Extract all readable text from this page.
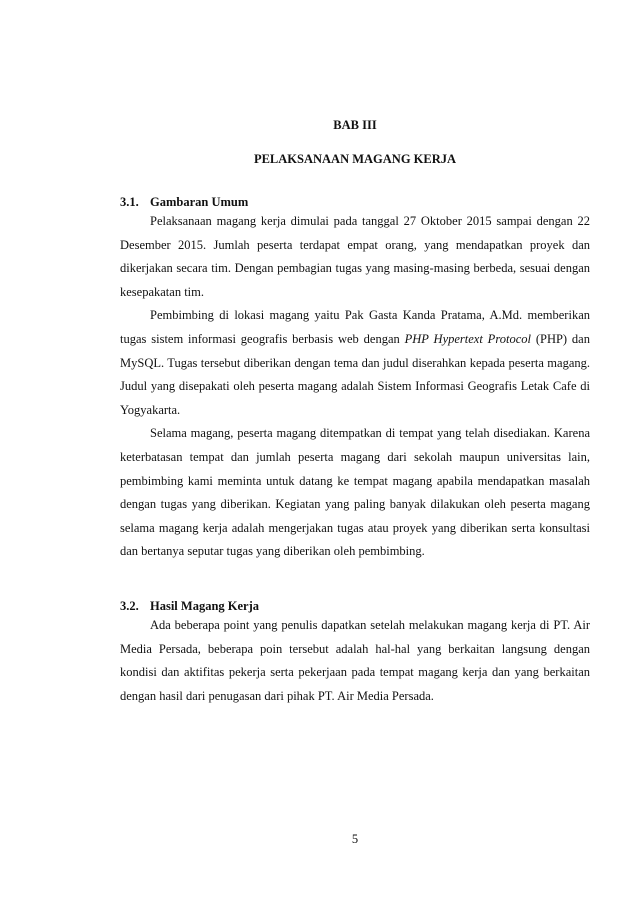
BAB III
PELAKSANAAN MAGANG KERJA
3.1. Gambaran Umum

Pelaksanaan magang kerja dimulai pada tanggal 27 Oktober 2015 sampai dengan 22 Desember 2015. Jumlah peserta terdapat empat orang, yang mendapatkan proyek dan dikerjakan secara tim. Dengan pembagian tugas yang masing-masing berbeda, sesuai dengan kesepakatan tim.

Pembimbing di lokasi magang yaitu Pak Gasta Kanda Pratama, A.Md. memberikan tugas sistem informasi geografis berbasis web dengan PHP Hypertext Protocol (PHP) dan MySQL. Tugas tersebut diberikan dengan tema dan judul diserahkan kepada peserta magang. Judul yang disepakati oleh peserta magang adalah Sistem Informasi Geografis Letak Cafe di Yogyakarta.

Selama magang, peserta magang ditempatkan di tempat yang telah disediakan. Karena keterbatasan tempat dan jumlah peserta magang dari sekolah maupun universitas lain, pembimbing kami meminta untuk datang ke tempat magang apabila mendapatkan masalah dengan tugas yang diberikan. Kegiatan yang paling banyak dilakukan oleh peserta magang selama magang kerja adalah mengerjakan tugas atau proyek yang diberikan serta konsultasi dan bertanya seputar tugas yang diberikan oleh pembimbing.

3.2. Hasil Magang Kerja

Ada beberapa point yang penulis dapatkan setelah melakukan magang kerja di PT. Air Media Persada, beberapa poin tersebut adalah hal-hal yang berkaitan langsung dengan kondisi dan aktifitas pekerja serta pekerjaan pada tempat magang kerja dan yang berkaitan dengan hasil dari penugasan dari pihak PT. Air Media Persada.

5
